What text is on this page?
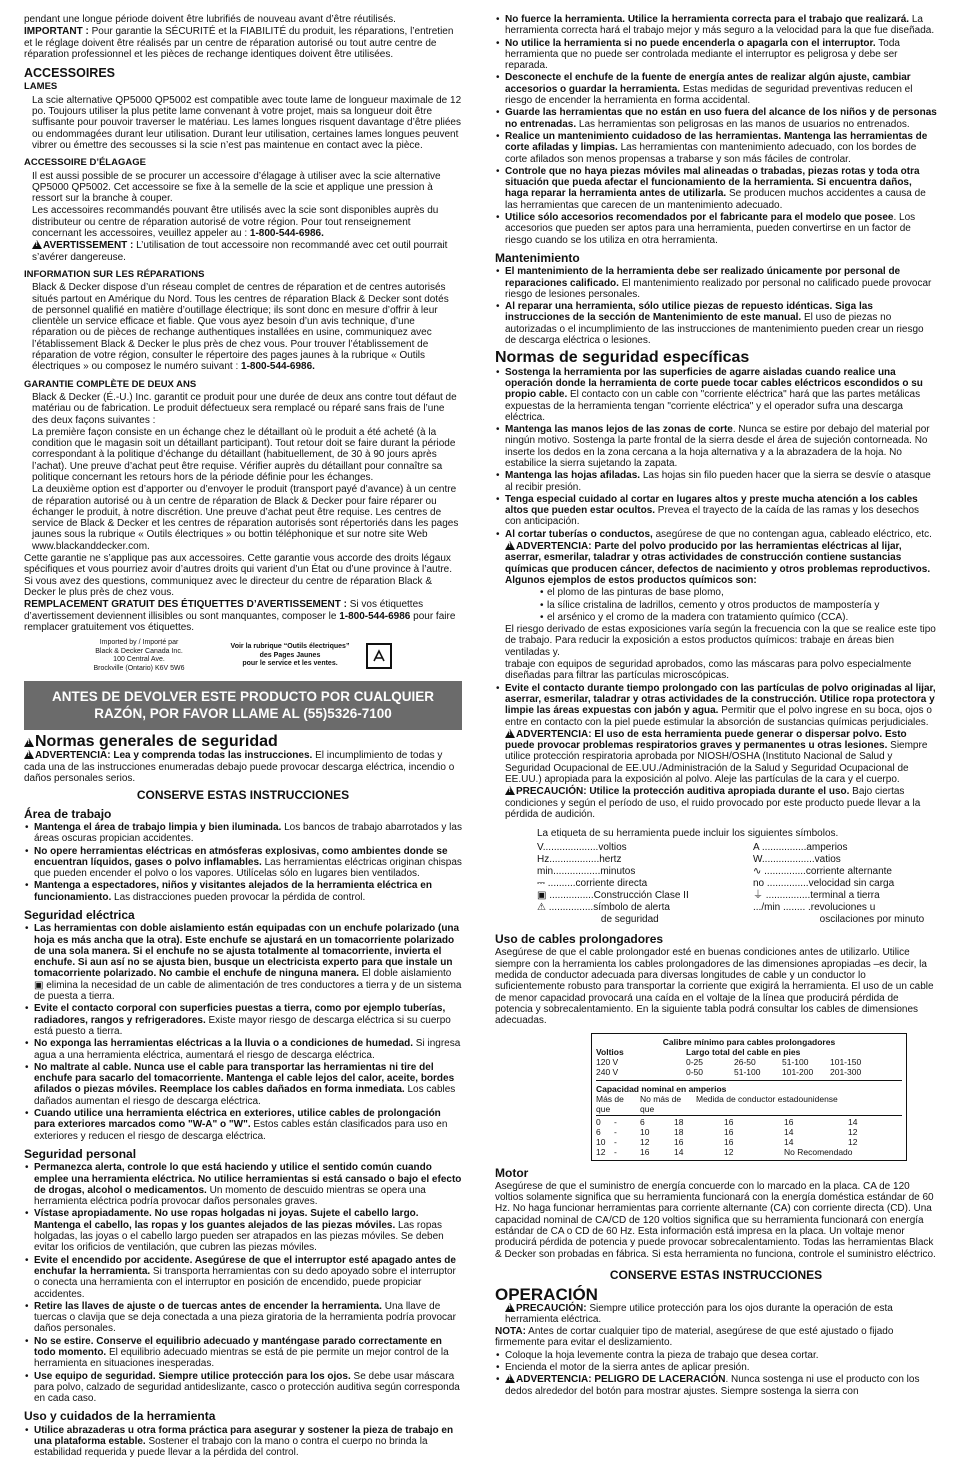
pendant une longue période doivent être lubrifiés de nouveau avant d’être réutilisés.

IMPORTANT : Pour garantie la SÉCURITÉ et la FIABILITÉ du produit, les réparations, l’entretien et le réglage doivent être réalisés par un centre de réparation autorisé ou tout autre centre de réparation professionnel et les pièces de rechange identiques doivent être utilisées.

ACCESSOIRES
LAMES

La scie alternative QP5000 QP5002 est compatible avec toute lame de longueur maximale de 12 po. Toujours utiliser la plus petite lame convenant à votre projet, mais sa longueur doit être suffisante pour pouvoir traverser le matériau. Les lames longues risquent davantage d’être pliées ou endommagées durant leur utilisation. Durant leur utilisation, certaines lames longues peuvent vibrer ou émettre des secousses si la scie n’est pas maintenue en contact avec la pièce.

ACCESSOIRE D’ÉLAGAGE

Il est aussi possible de se procurer un accessoire d’élagage à utiliser avec la scie alternative QP5000 QP5002. Cet accessoire se fixe à la semelle de la scie et applique une pression à ressort sur la branche à couper.

Les accessoires recommandés pouvant être utilisés avec la scie sont disponibles auprès du distributeur ou centre de réparation autorisé de votre région. Pour tout renseignement concernant les accessoires, veuillez appeler au : 1-800-544-6986.

!AVERTISSEMENT : L’utilisation de tout accessoire non recommandé avec cet outil pourrait s’avérer dangereuse.

INFORMATION SUR LES RÉPARATIONS

Black & Decker dispose d’un réseau complet de centres de réparation et de centres autorisés situés partout en Amérique du Nord. Tous les centres de réparation Black & Decker sont dotés de personnel qualifié en matière d’outillage électrique; ils sont donc en mesure d’offrir à leur clientèle un service efficace et fiable. Que vous ayez besoin d’un avis technique, d’une réparation ou de pièces de rechange authentiques installées en usine, communiquez avec l’établissement Black & Decker le plus près de chez vous. Pour trouver l’établissement de réparation de votre région, consulter le répertoire des pages jaunes à la rubrique « Outils électriques » ou composez le numéro suivant : 1-800-544-6986.

GARANTIE COMPLÈTE DE DEUX ANS

Black & Decker (É.-U.) Inc. garantit ce produit pour une durée de deux ans contre tout défaut de matériau ou de fabrication. Le produit défectueux sera remplacé ou réparé sans frais de l’une des deux façons suivantes :

La première façon consiste en un échange chez le détaillant où le produit a été acheté (à la condition que le magasin soit un détaillant participant). Tout retour doit se faire durant la période correspondant à la politique d’échange du détaillant (habituellement, de 30 à 90 jours après l’achat). Une preuve d’achat peut être requise. Vérifier auprès du détaillant pour connaître sa politique concernant les retours hors de la période définie pour les échanges.

La deuxième option est d’apporter ou d’envoyer le produit (transport payé d’avance) à un centre de réparation autorisé ou à un centre de réparation de Black & Decker pour faire réparer ou échanger le produit, à notre discrétion. Une preuve d’achat peut être requise. Les centres de service de Black & Decker et les centres de réparation autorisés sont répertoriés dans les pages jaunes sous la rubrique « Outils électriques » ou bottin téléphonique et sur notre site Web www.blackanddecker.com.

Cette garantie ne s’applique pas aux accessoires. Cette garantie vous accorde des droits légaux spécifiques et vous pourriez avoir d’autres droits qui varient d’un État ou d’une province à l’autre. Si vous avez des questions, communiquez avec le directeur du centre de réparation Black & Decker le plus près de chez vous.

REMPLACEMENT GRATUIT DES ÉTIQUETTES D’AVERTISSEMENT : Si vos étiquettes d’avertissement deviennent illisibles ou sont manquantes, composer le 1-800-544-6986 pour faire remplacer gratuitement vos étiquettes.

Imported by / Importé par
Black & Decker Canada Inc.
100 Central Ave.
Brockville (Ontario) K6V 5W6
Voir la rubrique “Outils électriques”
des Pages Jaunes
pour le service et les ventes.
ANTES DE DEVOLVER ESTE PRODUCTO POR CUALQUIER RAZÓN, POR FAVOR LLAME AL (55)5326-7100
!Normas generales de seguridad

!ADVERTENCIA: Lea y comprenda todas las instrucciones. El incumplimiento de todas y cada una de las instrucciones enumeradas debajo puede provocar descarga eléctrica, incendio o daños personales serios.

CONSERVE ESTAS INSTRUCCIONES
Área de trabajo
• Mantenga el área de trabajo limpia y bien iluminada. Los bancos de trabajo abarrotados y las áreas oscuras propician accidentes.
• No opere herramientas eléctricas en atmósferas explosivas, como ambientes donde se encuentran líquidos, gases o polvo inflamables. Las herramientas eléctricas originan chispas que pueden encender el polvo o los vapores. Utilícelas sólo en lugares bien ventilados.
• Mantenga a espectadores, niños y visitantes alejados de la herramienta eléctrica en funcionamiento. Las distracciones pueden provocar la pérdida de control.
Seguridad eléctrica
• Las herramientas con doble aislamiento están equipadas con un enchufe polarizado (una hoja es más ancha que la otra). Este enchufe se ajustará en un tomacorriente polarizado de una sola manera. Si el enchufe no se ajusta totalmente al tomacorriente, invierta el enchufe. Si aun así no se ajusta bien, busque un electricista experto para que instale un tomacorriente polarizado. No cambie el enchufe de ninguna manera. El doble aislamiento ▣ elimina la necesidad de un cable de alimentación de tres conductores a tierra y de un sistema de puesta a tierra.
• Evite el contacto corporal con superficies puestas a tierra, como por ejemplo tuberías, radiadores, rangos y refrigeradores. Existe mayor riesgo de descarga eléctrica si su cuerpo está puesto a tierra.
• No exponga las herramientas eléctricas a la lluvia o a condiciones de humedad. Si ingresa agua a una herramienta eléctrica, aumentará el riesgo de descarga eléctrica.
• No maltrate al cable. Nunca use el cable para transportar las herramientas ni tire del enchufe para sacarlo del tomacorriente. Mantenga el cable lejos del calor, aceite, bordes afilados o piezas móviles. Reemplace los cables dañados en forma inmediata. Los cables dañados aumentan el riesgo de descarga eléctrica.
• Cuando utilice una herramienta eléctrica en exteriores, utilice cables de prolongación para exteriores marcados como "W-A" o "W". Estos cables están clasificados para uso en exteriores y reducen el riesgo de descarga eléctrica.
Seguridad personal
• Permanezca alerta, controle lo que está haciendo y utilice el sentido común cuando emplee una herramienta eléctrica. No utilice herramientas si está cansado o bajo el efecto de drogas, alcohol o medicamentos. Un momento de descuido mientras se opera una herramienta eléctrica podría provocar daños personales graves.
• Vístase apropiadamente. No use ropas holgadas ni joyas. Sujete el cabello largo. Mantenga el cabello, las ropas y los guantes alejados de las piezas móviles. Las ropas holgadas, las joyas o el cabello largo pueden ser atrapados en las piezas móviles. Se deben evitar los orificios de ventilación, que cubren las piezas móviles.
• Evite el encendido por accidente. Asegúrese de que el interruptor esté apagado antes de enchufar la herramienta. Si transporta herramientas con su dedo apoyado sobre el interruptor o conecta una herramienta con el interruptor en posición de encendido, puede propiciar accidentes.
• Retire las llaves de ajuste o de tuercas antes de encender la herramienta. Una llave de tuercas o clavija que se deja conectada a una pieza giratoria de la herramienta podría provocar daños personales.
• No se estire. Conserve el equilibrio adecuado y manténgase parado correctamente en todo momento. El equilibrio adecuado mientras se está de pie permite un mejor control de la herramienta en situaciones inesperadas.
• Use equipo de seguridad. Siempre utilice protección para los ojos. Se debe usar máscara para polvo, calzado de seguridad antideslizante, casco o protección auditiva según corresponda en cada caso.
Uso y cuidados de la herramienta
• Utilice abrazaderas u otra forma práctica para asegurar y sostener la pieza de trabajo en una plataforma estable. Sostener el trabajo con la mano o contra el cuerpo no brinda la estabilidad requerida y puede llevar a la pérdida del control.
• No fuerce la herramienta. Utilice la herramienta correcta para el trabajo que realizará. La herramienta correcta hará el trabajo mejor y más seguro a la velocidad para la que fue diseñada.
• No utilice la herramienta si no puede encenderla o apagarla con el interruptor. Toda herramienta que no puede ser controlada mediante el interruptor es peligrosa y debe ser reparada.
• Desconecte el enchufe de la fuente de energía antes de realizar algún ajuste, cambiar accesorios o guardar la herramienta. Estas medidas de seguridad preventivas reducen el riesgo de encender la herramienta en forma accidental.
• Guarde las herramientas que no están en uso fuera del alcance de los niños y de personas no entrenadas. Las herramientas son peligrosas en las manos de usuarios no entrenados.
• Realice un mantenimiento cuidadoso de las herramientas. Mantenga las herramientas de corte afiladas y limpias. Las herramientas con mantenimiento adecuado, con los bordes de corte afilados son menos propensas a trabarse y son más fáciles de controlar.
• Controle que no haya piezas móviles mal alineadas o trabadas, piezas rotas y toda otra situación que pueda afectar el funcionamiento de la herramienta. Si encuentra daños, haga reparar la herramienta antes de utilizarla. Se producen muchos accidentes a causa de las herramientas que carecen de un mantenimiento adecuado.
• Utilice sólo accesorios recomendados por el fabricante para el modelo que posee. Los accesorios que pueden ser aptos para una herramienta, pueden convertirse en un factor de riesgo cuando se los utiliza en otra herramienta.
Mantenimiento
• El mantenimiento de la herramienta debe ser realizado únicamente por personal de reparaciones calificado. El mantenimiento realizado por personal no calificado puede provocar riesgo de lesiones personales.
• Al reparar una herramienta, sólo utilice piezas de repuesto idénticas. Siga las instrucciones de la sección de Mantenimiento de este manual. El uso de piezas no autorizadas o el incumplimiento de las instrucciones de mantenimiento pueden crear un riesgo de descarga eléctrica o lesiones.
Normas de seguridad específicas
• Sostenga la herramienta por las superficies de agarre aisladas cuando realice una operación donde la herramienta de corte puede tocar cables eléctricos escondidos o su propio cable. El contacto con un cable con "corriente eléctrica" hará que las partes metálicas expuestas de la herramienta tengan "corriente eléctrica" y el operador sufra una descarga eléctrica.
• Mantenga las manos lejos de las zonas de corte. Nunca se estire por debajo del material por ningún motivo. Sostenga la parte frontal de la sierra desde el área de sujeción contorneada. No inserte los dedos en la zona cercana a la hoja alternativa y a la abrazadera de la hoja. No estabilice la sierra sujetando la zapata.
• Mantenga las hojas afiladas. Las hojas sin filo pueden hacer que la sierra se desvíe o atasque al recibir presión.
• Tenga especial cuidado al cortar en lugares altos y preste mucha atención a los cables altos que pueden estar ocultos. Prevea el trayecto de la caída de las ramas y los desechos con anticipación.
• Al cortar tuberías o conductos, asegúrese de que no contengan agua, cableado eléctrico, etc.

!ADVERTENCIA: Parte del polvo producido por las herramientas eléctricas al lijar, aserrar, esmerilar, taladrar y otras actividades de construcción contiene sustancias químicas que producen cáncer, defectos de nacimiento y otros problemas reproductivos. Algunos ejemplos de estos productos químicos son:

• el plomo de las pinturas de base plomo,
• la sílice cristalina de ladrillos, cemento y otros productos de mampostería y
• el arsénico y el cromo de la madera con tratamiento químico (CCA).

El riesgo derivado de estas exposiciones varía según la frecuencia con la que se realice este tipo de trabajo. Para reducir la exposición a estos productos químicos: trabaje en áreas bien ventiladas y.

trabaje con equipos de seguridad aprobados, como las máscaras para polvo especialmente diseñadas para filtrar las partículas microscópicas.

• Evite el contacto durante tiempo prolongado con las partículas de polvo originadas al lijar, aserrar, esmerilar, taladrar y otras actividades de la construcción. Utilice ropa protectora y limpie las áreas expuestas con jabón y agua. Permitir que el polvo ingrese en su boca, ojos o entre en contacto con la piel puede estimular la absorción de sustancias químicas perjudiciales.

!ADVERTENCIA: El uso de esta herramienta puede generar o dispersar polvo. Esto puede provocar problemas respiratorios graves y permanentes u otras lesiones. Siempre utilice protección respiratoria aprobada por NIOSH/OSHA (Instituto Nacional de Salud y Seguridad Ocupacional de EE.UU./Administración de la Salud y Seguridad Ocupacional de EE.UU.) apropiada para la exposición al polvo. Aleje las partículas de la cara y el cuerpo.

!PRECAUCIÓN: Utilice la protección auditiva apropiada durante el uso. Bajo ciertas condiciones y según el período de uso, el ruido provocado por este producto puede llevar a la pérdida de audición.

La etiqueta de su herramienta puede incluir los siguientes símbolos.
V....................voltios	A ................amperios
Hz..................hertz	W...................vatios
min.................minutos	∿ ...............corriente alternante
⎓ ..........corriente directa	no ...............velocidad sin carga
▣ ................Construcción Clase II	⏚ ................terminal a tierra
⚠ ................símbolo de alerta	.../min ........ .revoluciones u
de seguridad	oscilaciones por minuto
Uso de cables prolongadores

Asegúrese de que el cable prolongador esté en buenas condiciones antes de utilizarlo. Utilice siempre con la herramienta los cables prolongadores de las dimensiones apropiadas –es decir, la medida de conductor adecuada para diversas longitudes de cable y un conductor lo suficientemente robusto para transportar la corriente que exigirá la herramienta. El uso de un cable de menor capacidad provocará una caída en el voltaje de la línea que producirá pérdida de potencia y sobrecalentamiento. En la siguiente tabla podrá consultar los cables de dimensiones adecuadas.

Calibre mínimo para cables prolongadores
Voltios	Largo total del cable en pies
120 V	0-25	26-50	51-100	101-150
240 V	0-50	51-100	101-200	201-300
Capacidad nominal en amperios
Más de	No más de	Medida de conductor estadounidense
que	que
0	-	6	18	16	16	14
6	-	10	18	16	14	12
10	-	12	16	16	14	12
12	-	16	14	12	No Recomendado
Motor

Asegúrese de que el suministro de energía concuerde con lo marcado en la placa. CA de 120 voltios solamente significa que su herramienta funcionará con la energía doméstica estándar de 60 Hz. No haga funcionar herramientas para corriente alternante (CA) con corriente directa (CD). Una capacidad nominal de CA/CD de 120 voltios significa que su herramienta funcionará con energía estándar de CA o CD de 60 Hz. Esta información está impresa en la placa. Un voltaje menor producirá pérdida de potencia y puede provocar sobrecalentamiento. Todas las herramientas Black & Decker son probadas en fábrica. Si esta herramienta no funciona, controle el suministro eléctrico.

CONSERVE ESTAS INSTRUCCIONES
OPERACIÓN

!PRECAUCIÓN: Siempre utilice protección para los ojos durante la operación de esta herramienta eléctrica.

NOTA: Antes de cortar cualquier tipo de material, asegúrese de que esté ajustado o fijado firmemente para evitar el deslizamiento.

• Coloque la hoja levemente contra la pieza de trabajo que desea cortar.
• Encienda el motor de la sierra antes de aplicar presión.
!• ADVERTENCIA: PELIGRO DE LACERACIÓN. Nunca sostenga ni use el producto con los dedos alrededor del botón para mostrar ajustes. Siempre sostenga la sierra con
